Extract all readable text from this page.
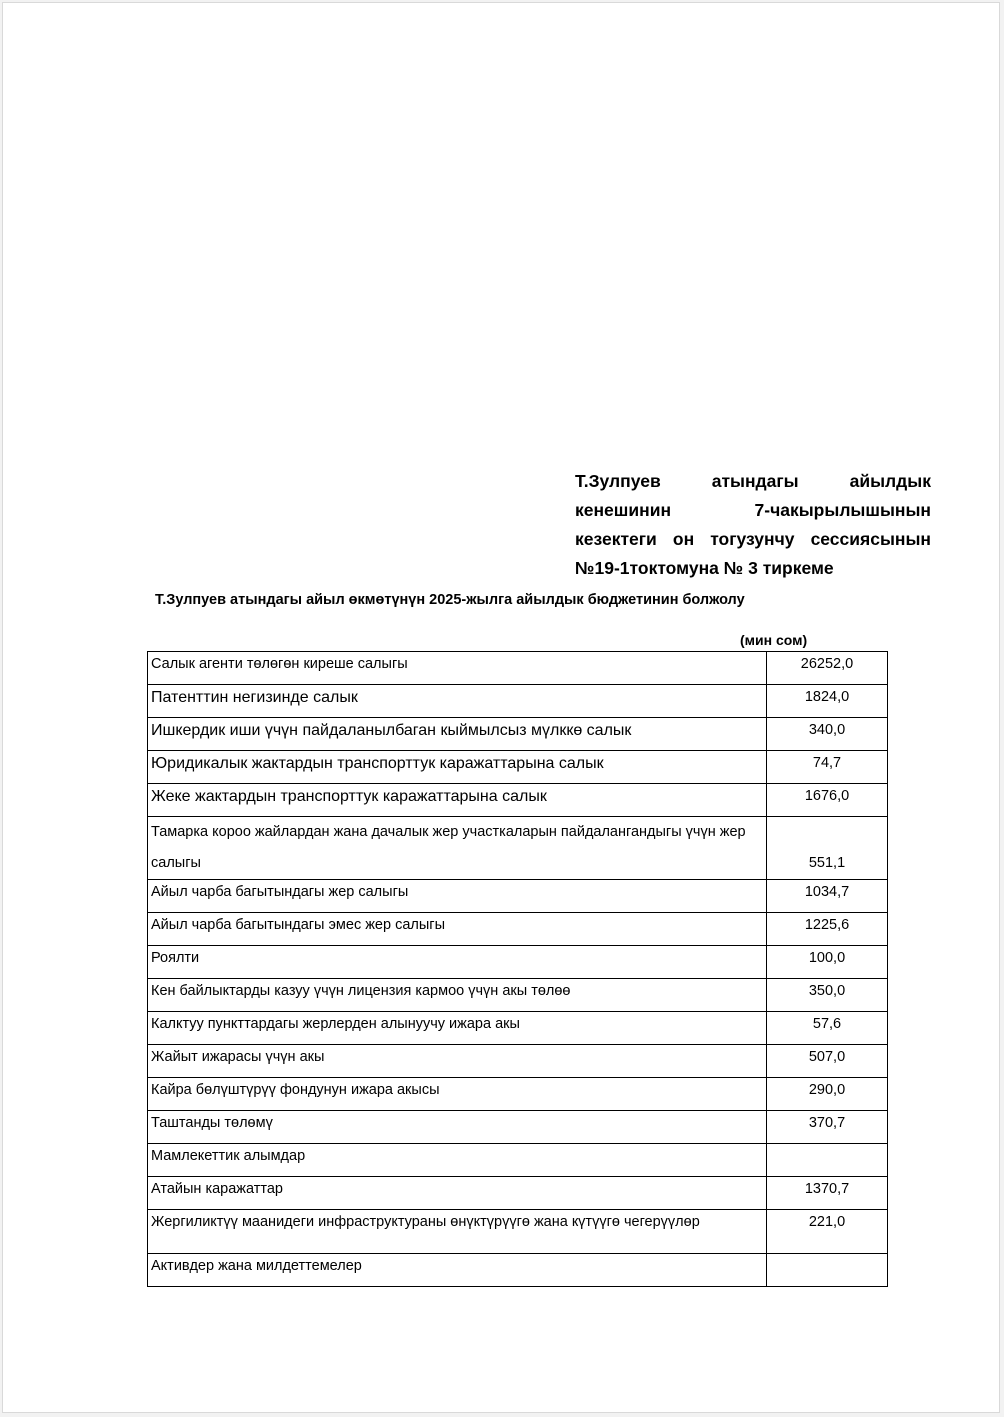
Т.Зулпуев атындагы айылдык
кенешинин 7-чакырылышынын
кезектеги он тогузунчу сессиясынын
№19-1токтомуна № 3 тиркеме
Т.Зулпуев атындагы айыл өкмөтүнүн 2025-жылга айылдык бюджетинин болжолу
(мин сом)
Салык агенти төлөгөн киреше салыгы	26252,0
Патенттин негизинде салык	1824,0
Ишкердик иши үчүн пайдаланылбаган кыймылсыз мүлккө салык	340,0
Юридикалык жактардын транспорттук каражаттарына салык	74,7
Жеке жактардын транспорттук каражаттарына салык	1676,0
Тамарка короо жайлардан жана дачалык жер участкаларын пайдалангандыгы үчүн жер салыгы	551,1
Айыл чарба багытындагы жер салыгы	1034,7
Айыл чарба багытындагы эмес жер салыгы	1225,6
Роялти	100,0
Кен байлыктарды казуу үчүн лицензия кармоо үчүн акы төлөө	350,0
Калктуу пункттардагы жерлерден алынуучу ижара акы	57,6
Жайыт ижарасы үчүн акы	507,0
Кайра бөлүштүрүү фондунун ижара акысы	290,0
Таштанды төлөмү	370,7
Мамлекеттик алымдар	
Атайын каражаттар	1370,7
Жергиликтүү маанидеги инфраструктураны өнүктүрүүгө жана күтүүгө чегерүүлөр	221,0
Активдер жана милдеттемелер	
